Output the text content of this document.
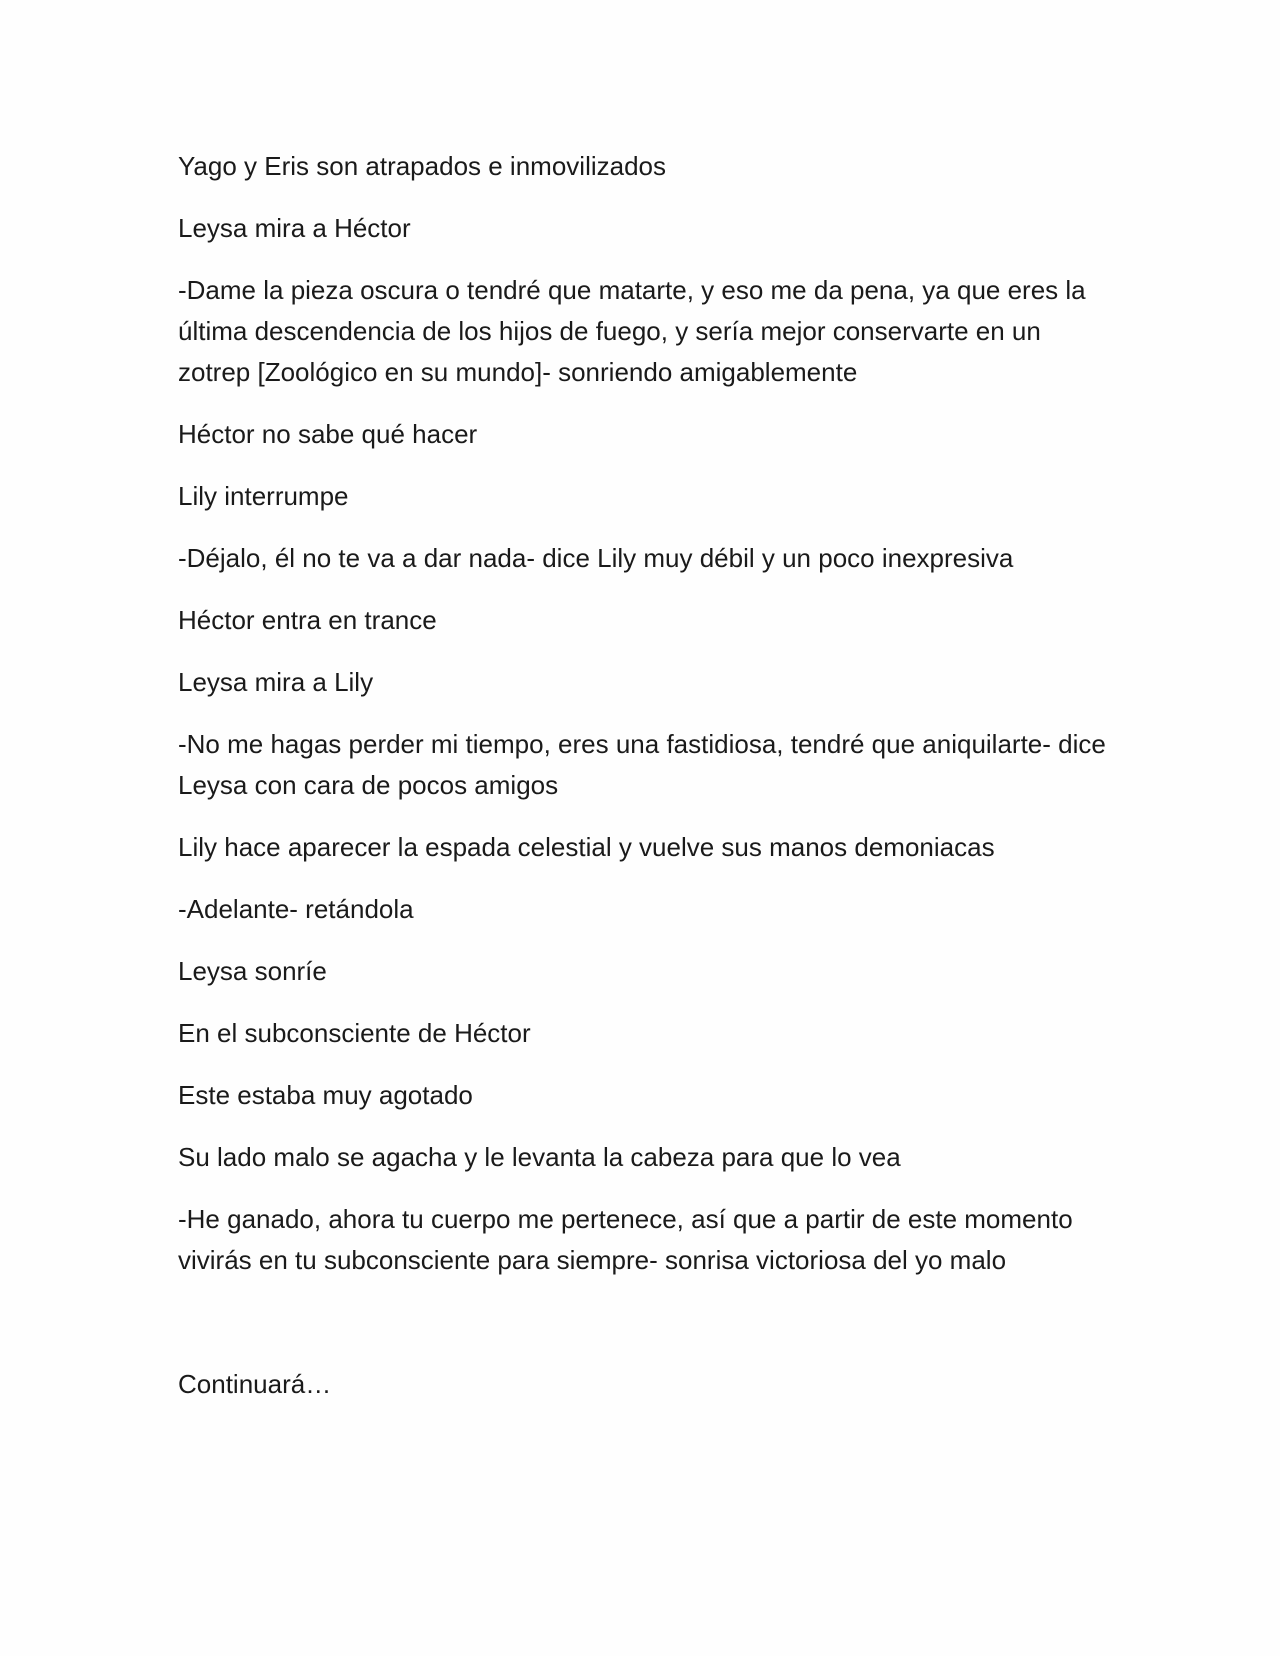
Yago y Eris son atrapados e inmovilizados

Leysa mira a Héctor

-Dame la pieza oscura o tendré que matarte, y eso me da pena, ya que eres la última descendencia de los hijos de fuego, y sería mejor conservarte en un zotrep [Zoológico en su mundo]- sonriendo amigablemente

Héctor no sabe qué hacer

Lily interrumpe

-Déjalo, él no te va a dar nada- dice Lily muy débil y un poco inexpresiva

Héctor entra en trance

Leysa mira a Lily

-No me hagas perder mi tiempo, eres una fastidiosa, tendré que aniquilarte- dice Leysa con cara de pocos amigos

Lily hace aparecer la espada celestial y vuelve sus manos demoniacas

-Adelante- retándola

Leysa sonríe

En el subconsciente de Héctor

Este estaba muy agotado

Su lado malo se agacha y le levanta la cabeza para que lo vea

-He ganado, ahora tu cuerpo me pertenece, así que a partir de este momento vivirás en tu subconsciente para siempre- sonrisa victoriosa del yo malo

Continuará…
